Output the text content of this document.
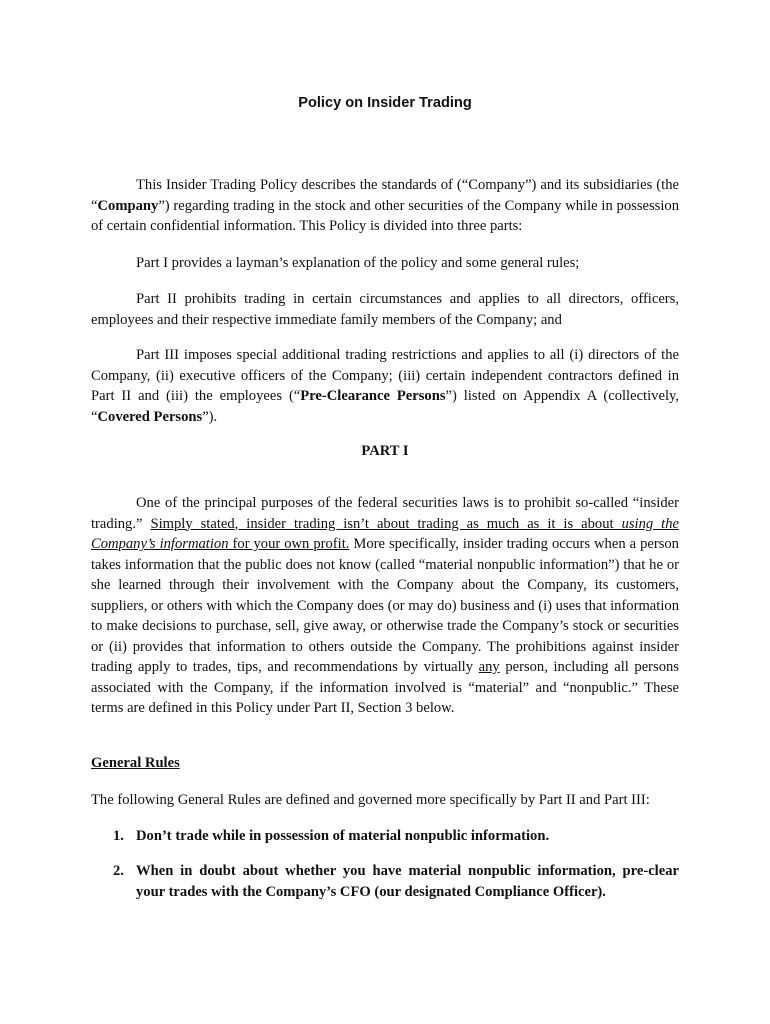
Policy on Insider Trading

This Insider Trading Policy describes the standards of (“Company”) and its subsidiaries (the “Company”) regarding trading in the stock and other securities of the Company while in possession of certain confidential information. This Policy is divided into three parts:

Part I provides a layman’s explanation of the policy and some general rules;

Part II prohibits trading in certain circumstances and applies to all directors, officers, employees and their respective immediate family members of the Company; and

Part III imposes special additional trading restrictions and applies to all (i) directors of the Company, (ii) executive officers of the Company; (iii) certain independent contractors defined in Part II and (iii) the employees (“Pre-Clearance Persons”) listed on Appendix A (collectively, “Covered Persons”).

PART I

One of the principal purposes of the federal securities laws is to prohibit so-called “insider trading.” Simply stated, insider trading isn’t about trading as much as it is about using the Company’s information for your own profit. More specifically, insider trading occurs when a person takes information that the public does not know (called “material nonpublic information”) that he or she learned through their involvement with the Company about the Company, its customers, suppliers, or others with which the Company does (or may do) business and (i) uses that information to make decisions to purchase, sell, give away, or otherwise trade the Company’s stock or securities or (ii) provides that information to others outside the Company. The prohibitions against insider trading apply to trades, tips, and recommendations by virtually any person, including all persons associated with the Company, if the information involved is “material” and “nonpublic.” These terms are defined in this Policy under Part II, Section 3 below.

General Rules

The following General Rules are defined and governed more specifically by Part II and Part III:

1. Don’t trade while in possession of material nonpublic information.
2. When in doubt about whether you have material nonpublic information, pre-clear your trades with the Company’s CFO (our designated Compliance Officer).
